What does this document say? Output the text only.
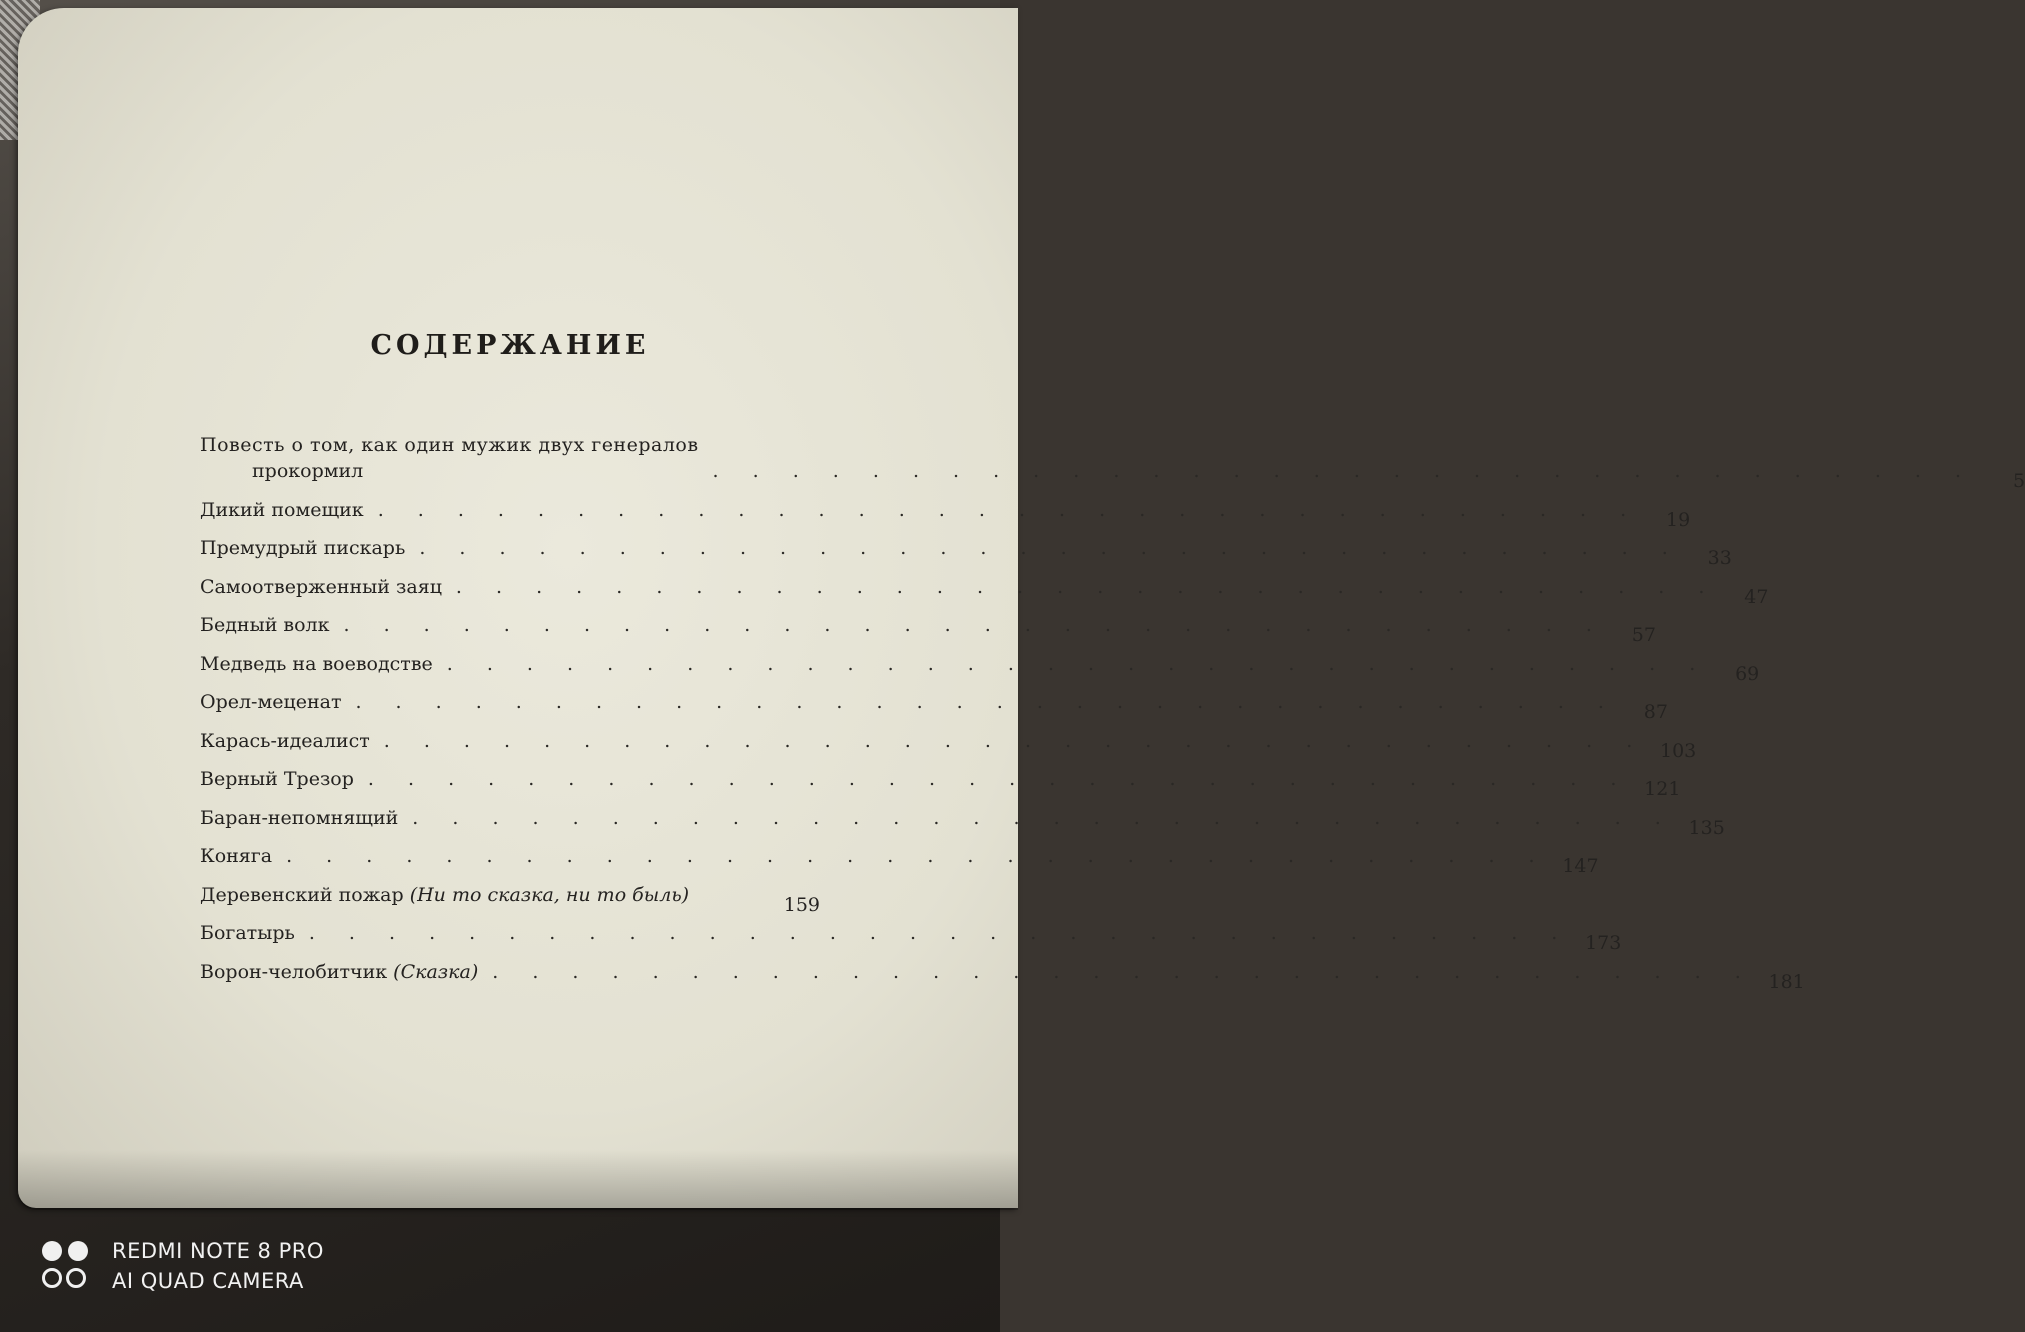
СОДЕРЖАНИЕ
Повесть о том, как один мужик двух генералов
прокормил	. . . . . . . . . . . . . . . . . . . . . . . . . . . . . . . .	5
Дикий помещик . . . . . . . . . . . . . . . . . . . . . . . . . . . . . . . .	19
Премудрый пискарь . . . . . . . . . . . . . . . . . . . . . . . . . . . . . . . .	33
Самоотверженный заяц . . . . . . . . . . . . . . . . . . . . . . . . . . . . . . . .	47
Бедный волк . . . . . . . . . . . . . . . . . . . . . . . . . . . . . . . .	57
Медведь на воеводстве . . . . . . . . . . . . . . . . . . . . . . . . . . . . . . . .	69
Орел-меценат . . . . . . . . . . . . . . . . . . . . . . . . . . . . . . . .	87
Карась-идеалист . . . . . . . . . . . . . . . . . . . . . . . . . . . . . . . . 103
Верный Трезор . . . . . . . . . . . . . . . . . . . . . . . . . . . . . . . . 121
Баран-непомнящий . . . . . . . . . . . . . . . . . . . . . . . . . . . . . . . . 135
Коняга . . . . . . . . . . . . . . . . . . . . . . . . . . . . . . . . 147
Деревенский пожар (Ни то сказка, ни то быль)	159
Богатырь . . . . . . . . . . . . . . . . . . . . . . . . . . . . . . . . 173
Ворон-челобитчик (Сказка) . . . . . . . . . . . . . . . . . . . . . . . . . . . . . . . . 181
REDMI NOTE 8 PRO
AI QUAD CAMERA
